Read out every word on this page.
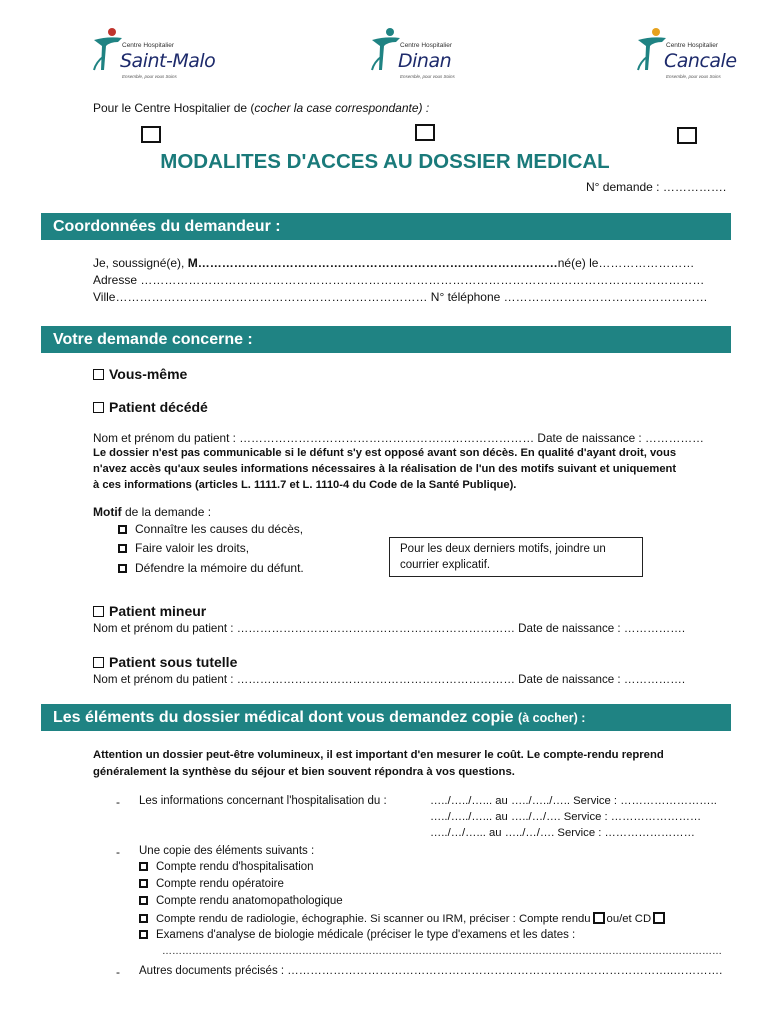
Centre Hospitalier
Saint-Malo
Ensemble, pour vous Soins
Centre Hospitalier
Dinan
Ensemble, pour vous Soins
Centre Hospitalier
Cancale
Ensemble, pour vous Soins
Pour le Centre Hospitalier de (cocher la case correspondante) :
MODALITES D'ACCES AU DOSSIER MEDICAL
N° demande : …………….
Coordonnées du demandeur :
Je, soussigné(e), M………………………………………………………………………………né(e) le……………………
Adresse ……………………………………………………………………………………………………………………………
Ville…………………………………………………………………… N° téléphone ……………………………………………
Votre demande concerne :
Vous-même
Patient décédé
Nom et prénom du patient : ………………………………………………………………… Date de naissance : ……………
Le dossier n'est pas communicable si le défunt s'y est opposé avant son décès. En qualité d'ayant droit, vous
n'avez accès qu'aux seules informations nécessaires à la réalisation de l'un des motifs suivant et uniquement
à ces informations (articles L. 1111.7 et L. 1110-4 du Code de la Santé Publique).
Motif de la demande :
Connaître les causes du décès,
Faire valoir les droits,
Défendre la mémoire du défunt.
Pour les deux derniers motifs, joindre un courrier explicatif.
Patient mineur
Nom et prénom du patient : ……………………………………………………………… Date de naissance : …………….
Patient sous tutelle
Nom et prénom du patient : ……………………………………………………………… Date de naissance : …………….
Les éléments du dossier médical dont vous demandez copie (à cocher) :
Attention un dossier peut-être volumineux, il est important d'en mesurer le coût. Le compte-rendu reprend
généralement la synthèse du séjour et bien souvent répondra à vos questions.
- Les informations concernant l'hospitalisation du :	…../…../…... au …../…../….. Service : ……………………..
…../…../…... au …../…/…. Service : ……………………
…../…/…... au …../…/…. Service : ……………………
- Une copie des éléments suivants :
Compte rendu d'hospitalisation
Compte rendu opératoire
Compte rendu anatomopathologique
Compte rendu de radiologie, échographie. Si scanner ou IRM, préciser : Compte rendu ou/et CD
Examens d'analyse de biologie médicale (préciser le type d'examens et les dates :
……………………………………………………………………………………………………………………………………………………
- Autres documents précisés : ………………………………………………………………………………………..………….
